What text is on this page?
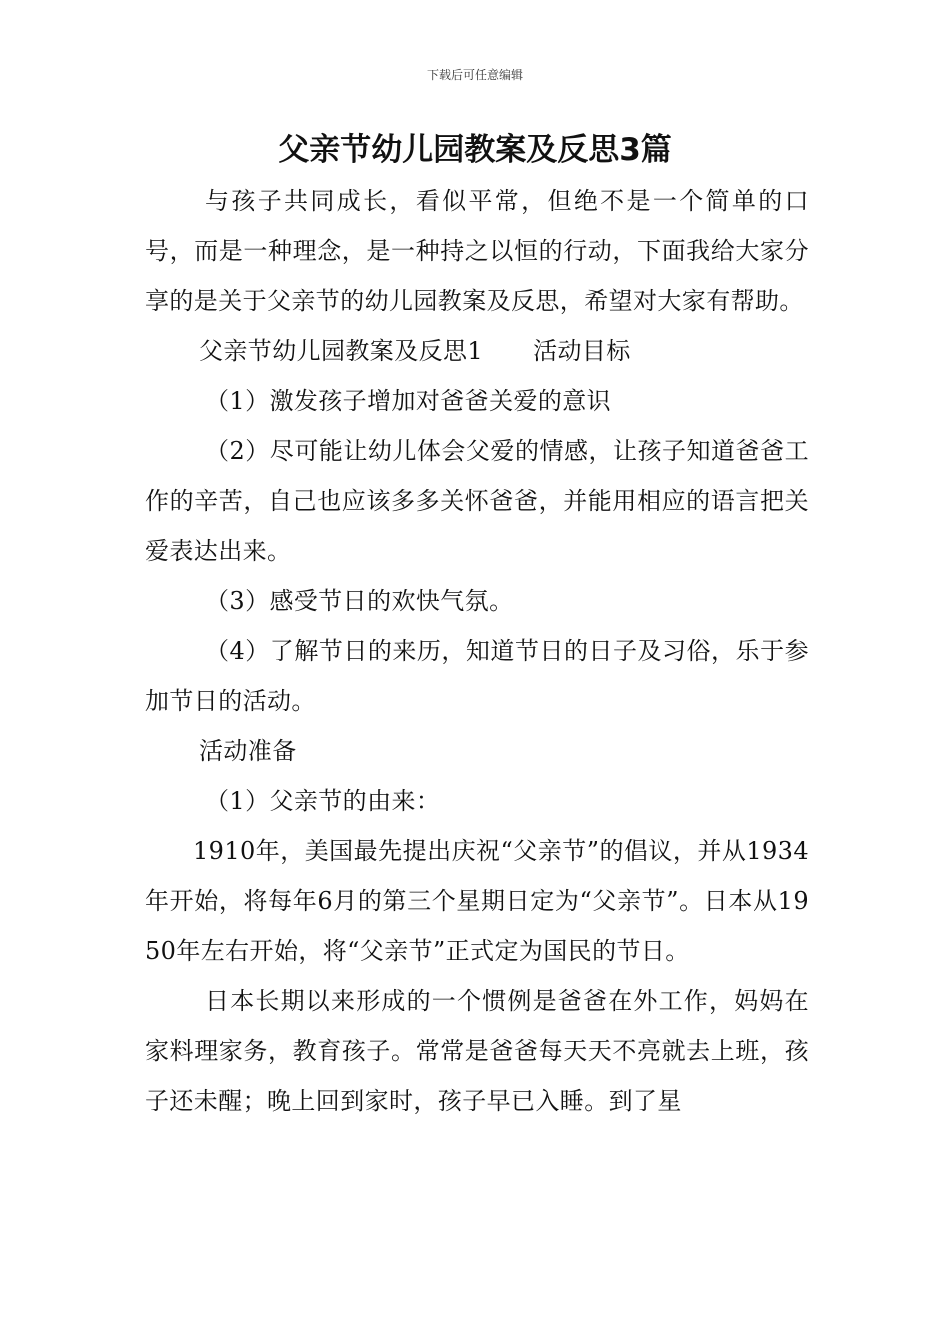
下载后可任意编辑
父亲节幼儿园教案及反思3篇

与孩子共同成长，看似平常，但绝不是一个简单的口号，而是一种理念，是一种持之以恒的行动，下面我给大家分享的是关于父亲节的幼儿园教案及反思，希望对大家有帮助。

父亲节幼儿园教案及反思1 活动目标

（1）激发孩子增加对爸爸关爱的意识

（2）尽可能让幼儿体会父爱的情感，让孩子知道爸爸工作的辛苦，自己也应该多多关怀爸爸，并能用相应的语言把关爱表达出来。

（3）感受节日的欢快气氛。

（4）了解节日的来历，知道节日的日子及习俗，乐于参加节日的活动。

活动准备

（1）父亲节的由来：

1910年，美国最先提出庆祝“父亲节”的倡议，并从1934年开始，将每年6月的第三个星期日定为“父亲节”。日本从1950年左右开始，将“父亲节”正式定为国民的节日。

日本长期以来形成的一个惯例是爸爸在外工作，妈妈在家料理家务，教育孩子。常常是爸爸每天天不亮就去上班，孩子还未醒；晚上回到家时，孩子早已入睡。到了星
